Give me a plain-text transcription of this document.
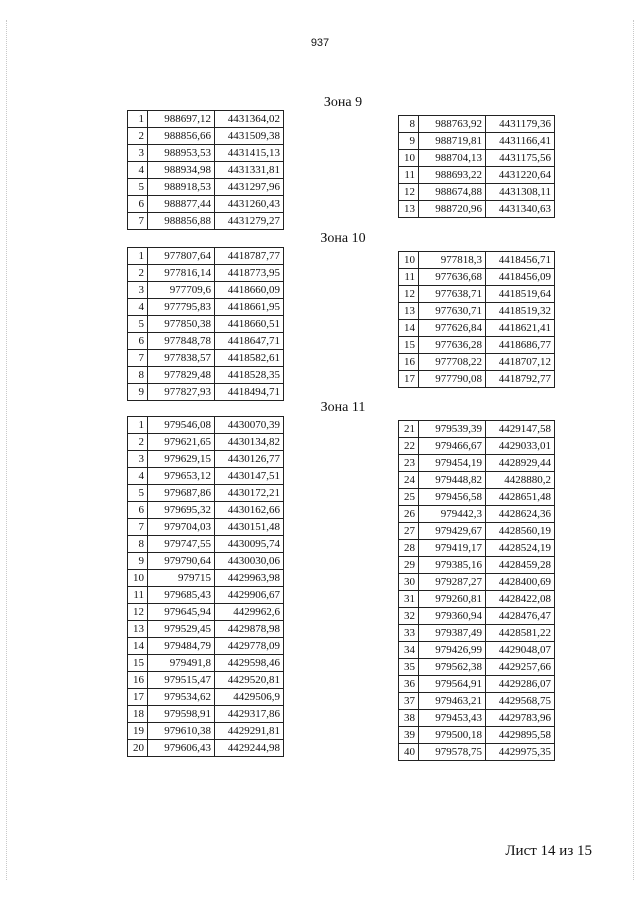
937
Зона 9
1	988697,12	4431364,02
2	988856,66	4431509,38
3	988953,53	4431415,13
4	988934,98	4431331,81
5	988918,53	4431297,96
6	988877,44	4431260,43
7	988856,88	4431279,27
8	988763,92	4431179,36
9	988719,81	4431166,41
10	988704,13	4431175,56
11	988693,22	4431220,64
12	988674,88	4431308,11
13	988720,96	4431340,63
Зона 10
1	977807,64	4418787,77
2	977816,14	4418773,95
3	977709,6	4418660,09
4	977795,83	4418661,95
5	977850,38	4418660,51
6	977848,78	4418647,71
7	977838,57	4418582,61
8	977829,48	4418528,35
9	977827,93	4418494,71
10	977818,3	4418456,71
11	977636,68	4418456,09
12	977638,71	4418519,64
13	977630,71	4418519,32
14	977626,84	4418621,41
15	977636,28	4418686,77
16	977708,22	4418707,12
17	977790,08	4418792,77
Зона 11
1	979546,08	4430070,39
2	979621,65	4430134,82
3	979629,15	4430126,77
4	979653,12	4430147,51
5	979687,86	4430172,21
6	979695,32	4430162,66
7	979704,03	4430151,48
8	979747,55	4430095,74
9	979790,64	4430030,06
10	979715	4429963,98
11	979685,43	4429906,67
12	979645,94	4429962,6
13	979529,45	4429878,98
14	979484,79	4429778,09
15	979491,8	4429598,46
16	979515,47	4429520,81
17	979534,62	4429506,9
18	979598,91	4429317,86
19	979610,38	4429291,81
20	979606,43	4429244,98
21	979539,39	4429147,58
22	979466,67	4429033,01
23	979454,19	4428929,44
24	979448,82	4428880,2
25	979456,58	4428651,48
26	979442,3	4428624,36
27	979429,67	4428560,19
28	979419,17	4428524,19
29	979385,16	4428459,28
30	979287,27	4428400,69
31	979260,81	4428422,08
32	979360,94	4428476,47
33	979387,49	4428581,22
34	979426,99	4429048,07
35	979562,38	4429257,66
36	979564,91	4429286,07
37	979463,21	4429568,75
38	979453,43	4429783,96
39	979500,18	4429895,58
40	979578,75	4429975,35
Лист 14 из 15
